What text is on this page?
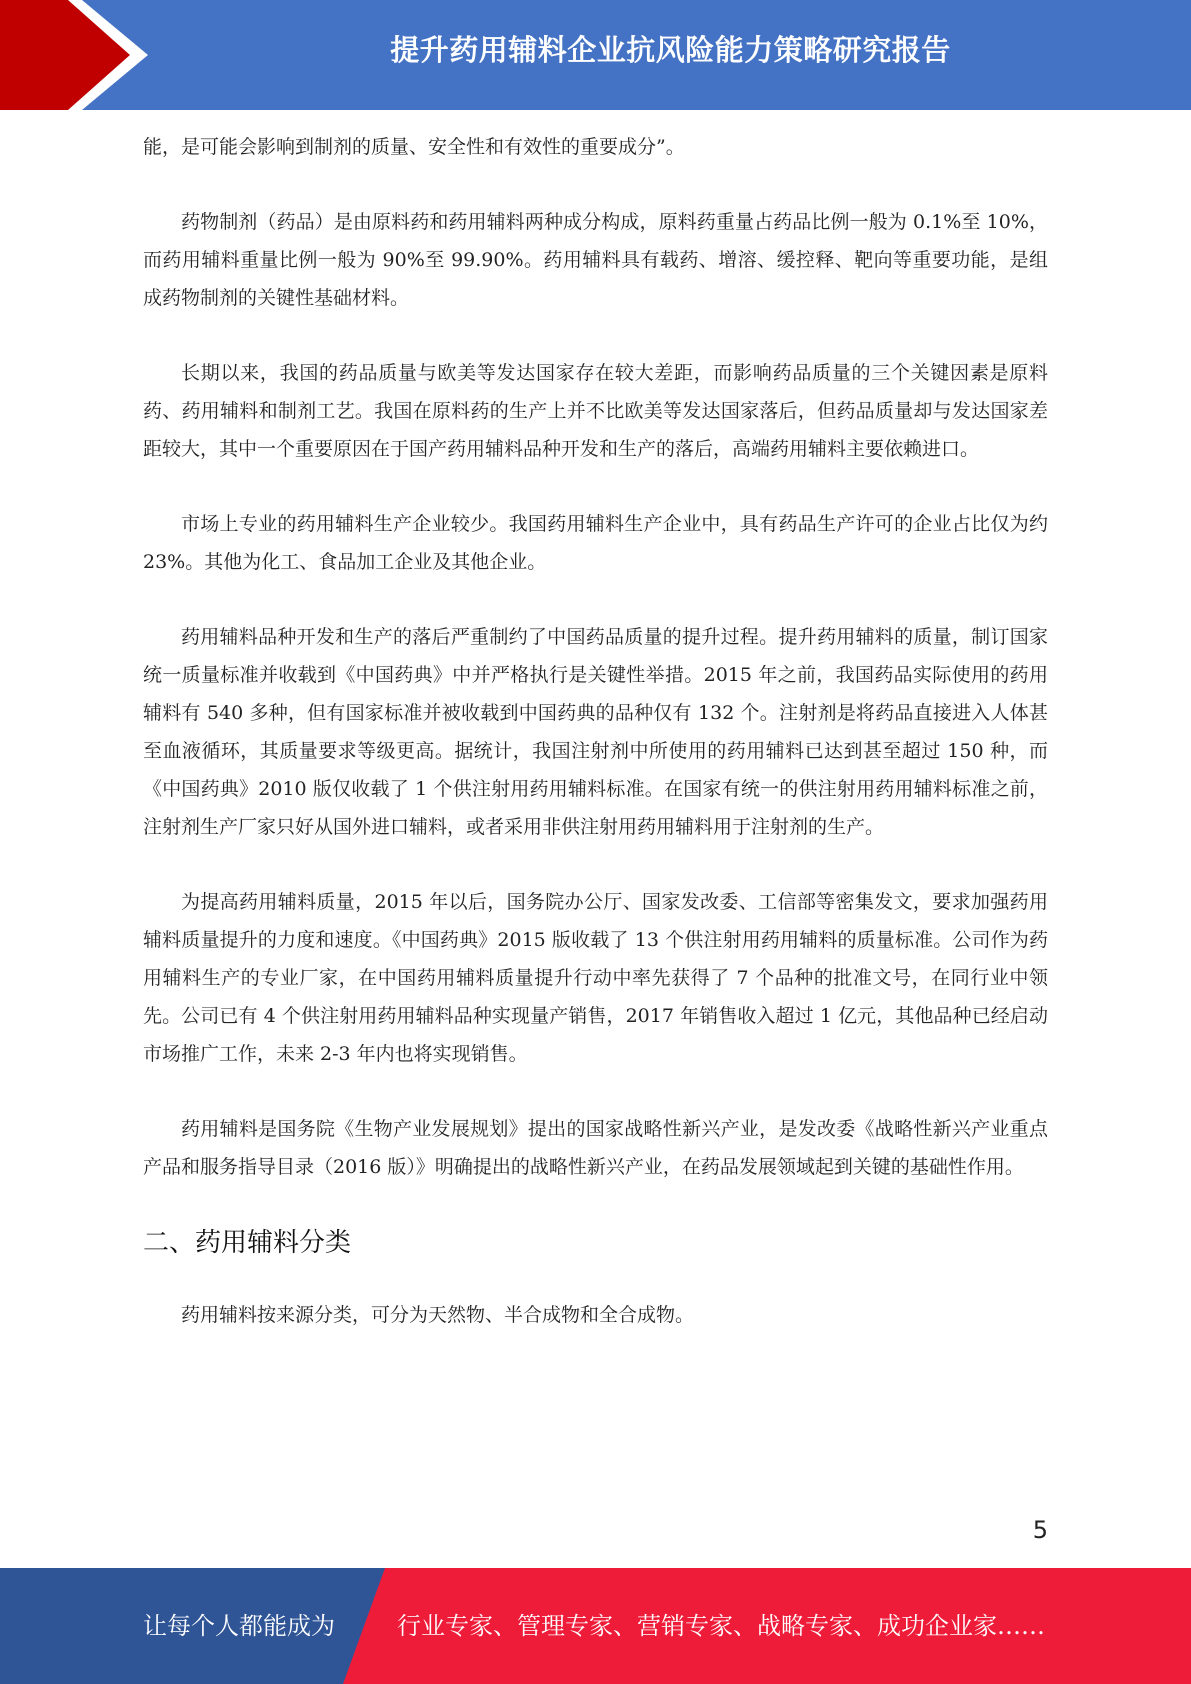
提升药用辅料企业抗风险能力策略研究报告

能，是可能会影响到制剂的质量、安全性和有效性的重要成分”。

药物制剂（药品）是由原料药和药用辅料两种成分构成，原料药重量占药品比例一般为 0.1%至 10%，而药用辅料重量比例一般为 90%至 99.90%。药用辅料具有载药、增溶、缓控释、靶向等重要功能，是组成药物制剂的关键性基础材料。

长期以来，我国的药品质量与欧美等发达国家存在较大差距，而影响药品质量的三个关键因素是原料药、药用辅料和制剂工艺。我国在原料药的生产上并不比欧美等发达国家落后，但药品质量却与发达国家差距较大，其中一个重要原因在于国产药用辅料品种开发和生产的落后，高端药用辅料主要依赖进口。

市场上专业的药用辅料生产企业较少。我国药用辅料生产企业中，具有药品生产许可的企业占比仅为约 23%。其他为化工、食品加工企业及其他企业。

药用辅料品种开发和生产的落后严重制约了中国药品质量的提升过程。提升药用辅料的质量，制订国家统一质量标准并收载到《中国药典》中并严格执行是关键性举措。2015 年之前，我国药品实际使用的药用辅料有 540 多种，但有国家标准并被收载到中国药典的品种仅有 132 个。注射剂是将药品直接进入人体甚至血液循环，其质量要求等级更高。据统计，我国注射剂中所使用的药用辅料已达到甚至超过 150 种，而《中国药典》2010 版仅收载了 1 个供注射用药用辅料标准。在国家有统一的供注射用药用辅料标准之前，注射剂生产厂家只好从国外进口辅料，或者采用非供注射用药用辅料用于注射剂的生产。

为提高药用辅料质量，2015 年以后，国务院办公厅、国家发改委、工信部等密集发文，要求加强药用辅料质量提升的力度和速度。《中国药典》2015 版收载了 13 个供注射用药用辅料的质量标准。公司作为药用辅料生产的专业厂家，在中国药用辅料质量提升行动中率先获得了 7 个品种的批准文号，在同行业中领先。公司已有 4 个供注射用药用辅料品种实现量产销售，2017 年销售收入超过 1 亿元，其他品种已经启动市场推广工作，未来 2-3 年内也将实现销售。

药用辅料是国务院《生物产业发展规划》提出的国家战略性新兴产业，是发改委《战略性新兴产业重点产品和服务指导目录（2016 版）》明确提出的战略性新兴产业，在药品发展领域起到关键的基础性作用。

二、药用辅料分类

药用辅料按来源分类，可分为天然物、半合成物和全合成物。

5
让每个人都能成为	行业专家、管理专家、营销专家、战略专家、成功企业家……
